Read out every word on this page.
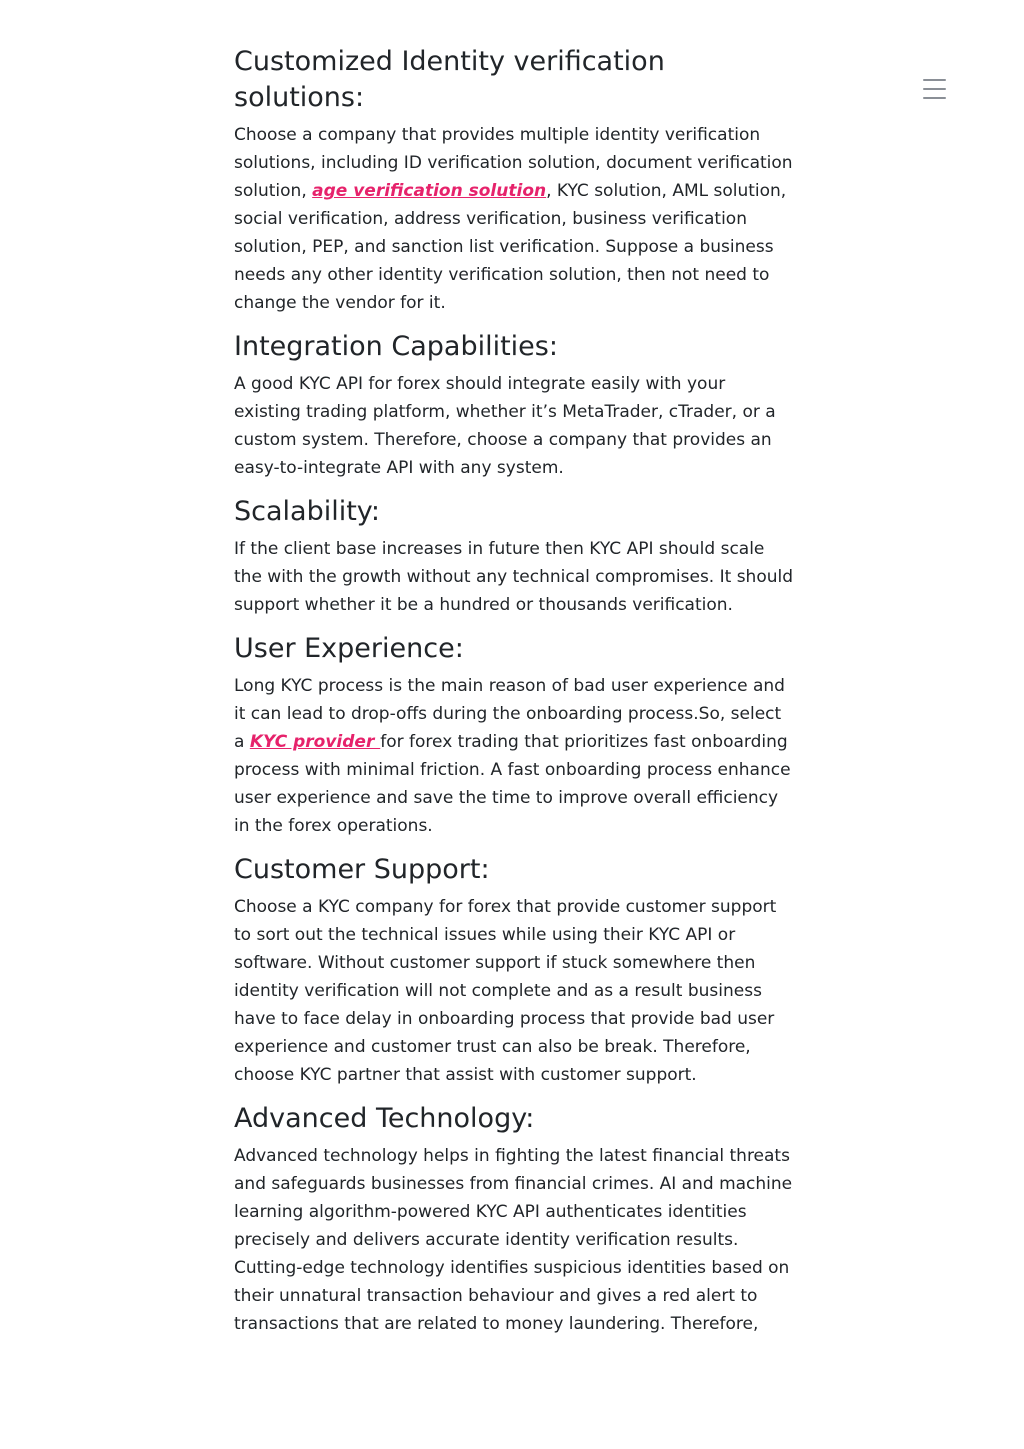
Customized Identity verification solutions:

Choose a company that provides multiple identity verification solutions, including ID verification solution, document verification solution, age verification solution, KYC solution, AML solution, social verification, address verification, business verification solution, PEP, and sanction list verification. Suppose a business needs any other identity verification solution, then not need to change the vendor for it.

Integration Capabilities:

A good KYC API for forex should integrate easily with your existing trading platform, whether it’s MetaTrader, cTrader, or a custom system. Therefore, choose a company that provides an easy-to-integrate API with any system.

Scalability:

If the client base increases in future then KYC API should scale the with the growth without any technical compromises. It should support whether it be a hundred or thousands verification.

User Experience:

Long KYC process is the main reason of bad user experience and it can lead to drop-offs during the onboarding process.So, select a KYC provider for forex trading that prioritizes fast onboarding process with minimal friction. A fast onboarding process enhance user experience and save the time to improve overall efficiency in the forex operations.

Customer Support:

Choose a KYC company for forex that provide customer support to sort out the technical issues while using their KYC API or software. Without customer support if stuck somewhere then identity verification will not complete and as a result business have to face delay in onboarding process that provide bad user experience and customer trust can also be break. Therefore, choose KYC partner that assist with customer support.

Advanced Technology:

Advanced technology helps in fighting the latest financial threats and safeguards businesses from financial crimes. AI and machine learning algorithm-powered KYC API authenticates identities precisely and delivers accurate identity verification results. Cutting-edge technology identifies suspicious identities based on their unnatural transaction behaviour and gives a red alert to transactions that are related to money laundering. Therefore,
